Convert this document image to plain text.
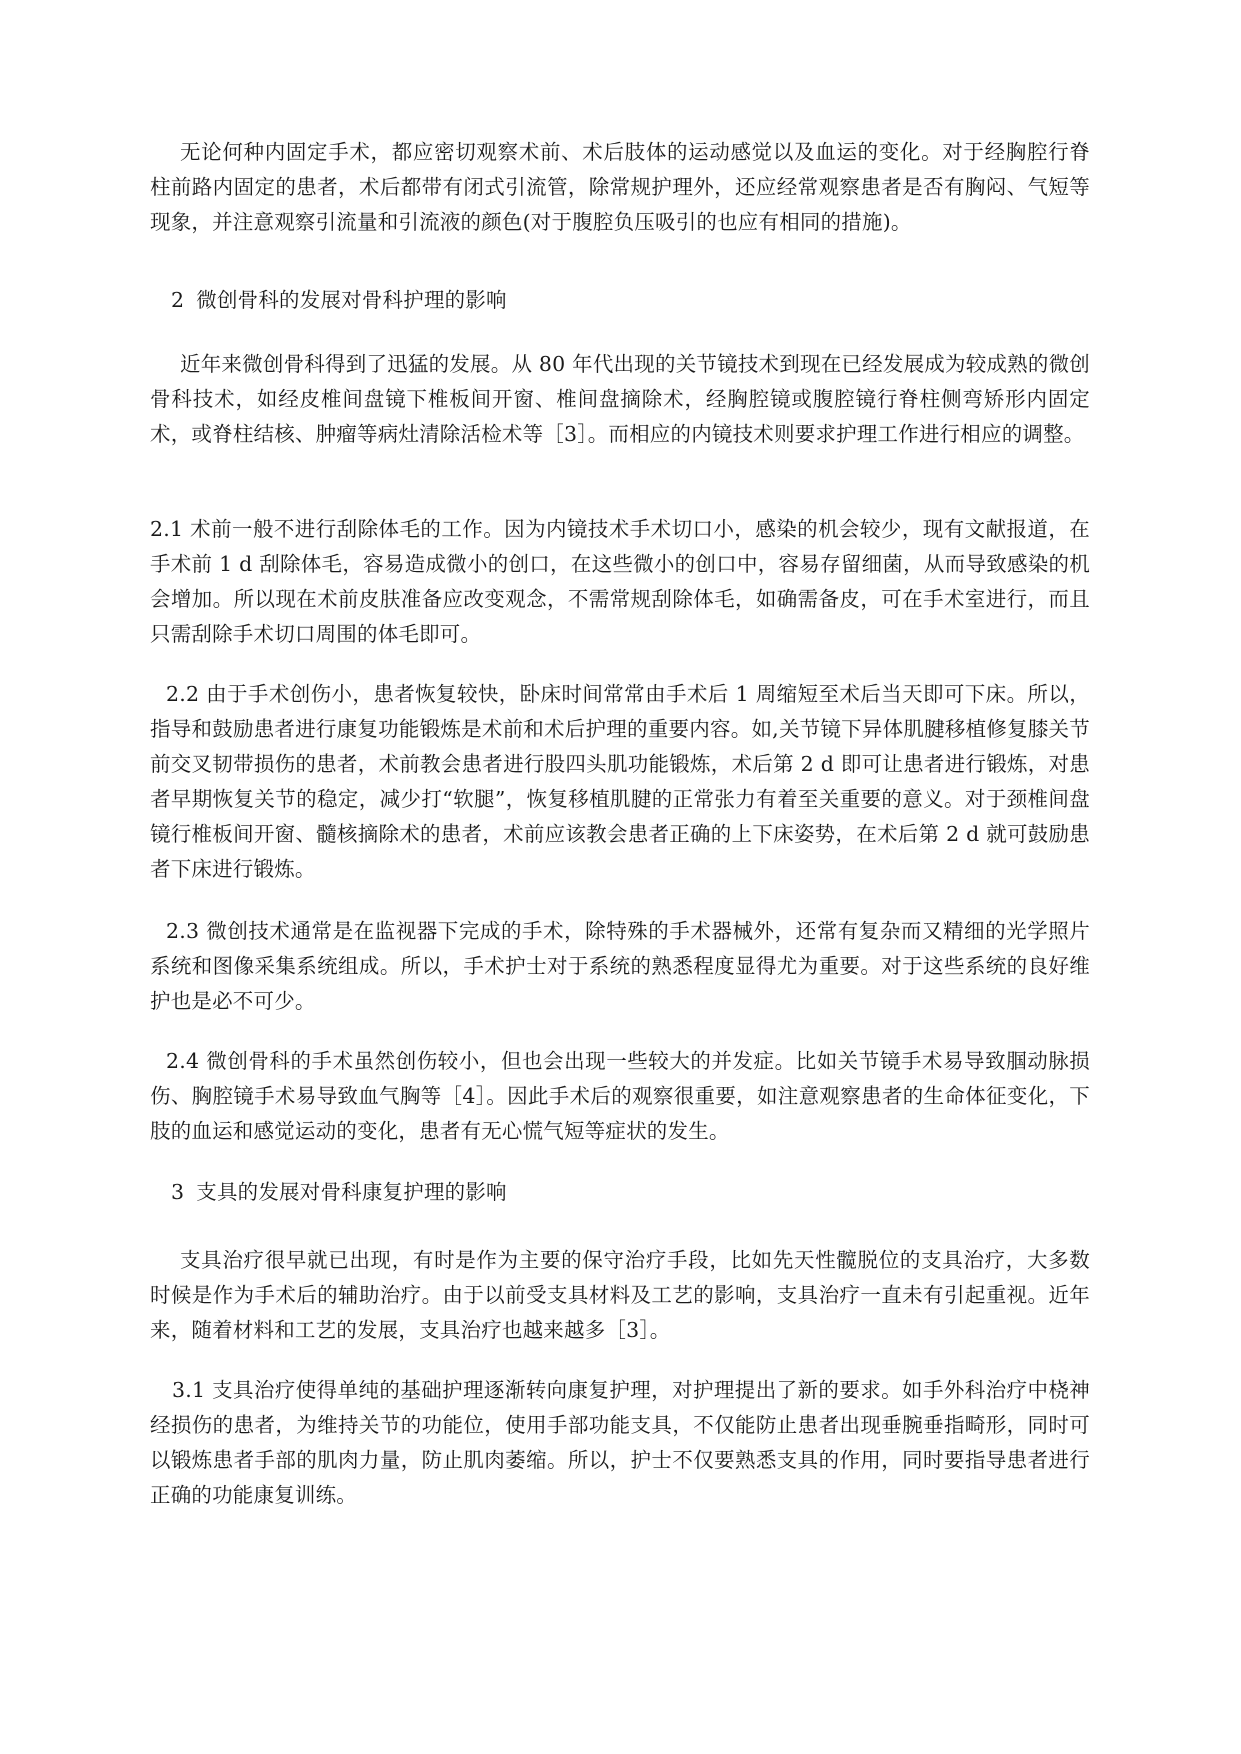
无论何种内固定手术，都应密切观察术前、术后肢体的运动感觉以及血运的变化。对于经胸腔行脊柱前路内固定的患者，术后都带有闭式引流管，除常规护理外，还应经常观察患者是否有胸闷、气短等现象，并注意观察引流量和引流液的颜色(对于腹腔负压吸引的也应有相同的措施)。

2 微创骨科的发展对骨科护理的影响

近年来微创骨科得到了迅猛的发展。从 80 年代出现的关节镜技术到现在已经发展成为较成熟的微创骨科技术，如经皮椎间盘镜下椎板间开窗、椎间盘摘除术，经胸腔镜或腹腔镜行脊柱侧弯矫形内固定术，或脊柱结核、肿瘤等病灶清除活检术等［3］。而相应的内镜技术则要求护理工作进行相应的调整。

2.1 术前一般不进行刮除体毛的工作。因为内镜技术手术切口小，感染的机会较少，现有文献报道，在手术前 1 d 刮除体毛，容易造成微小的创口，在这些微小的创口中，容易存留细菌，从而导致感染的机会增加。所以现在术前皮肤准备应改变观念，不需常规刮除体毛，如确需备皮，可在手术室进行，而且只需刮除手术切口周围的体毛即可。

2.2 由于手术创伤小，患者恢复较快，卧床时间常常由手术后 1 周缩短至术后当天即可下床。所以，指导和鼓励患者进行康复功能锻炼是术前和术后护理的重要内容。如,关节镜下异体肌腱移植修复膝关节前交叉韧带损伤的患者，术前教会患者进行股四头肌功能锻炼，术后第 2 d 即可让患者进行锻炼，对患者早期恢复关节的稳定，减少打“软腿”，恢复移植肌腱的正常张力有着至关重要的意义。对于颈椎间盘镜行椎板间开窗、髓核摘除术的患者，术前应该教会患者正确的上下床姿势，在术后第 2 d 就可鼓励患者下床进行锻炼。

2.3 微创技术通常是在监视器下完成的手术，除特殊的手术器械外，还常有复杂而又精细的光学照片系统和图像采集系统组成。所以，手术护士对于系统的熟悉程度显得尤为重要。对于这些系统的良好维护也是必不可少。

2.4 微创骨科的手术虽然创伤较小，但也会出现一些较大的并发症。比如关节镜手术易导致腘动脉损伤、胸腔镜手术易导致血气胸等［4］。因此手术后的观察很重要，如注意观察患者的生命体征变化，下肢的血运和感觉运动的变化，患者有无心慌气短等症状的发生。

3 支具的发展对骨科康复护理的影响

支具治疗很早就已出现，有时是作为主要的保守治疗手段，比如先天性髋脱位的支具治疗，大多数时候是作为手术后的辅助治疗。由于以前受支具材料及工艺的影响，支具治疗一直未有引起重视。近年来，随着材料和工艺的发展，支具治疗也越来越多［3］。

3.1 支具治疗使得单纯的基础护理逐渐转向康复护理，对护理提出了新的要求。如手外科治疗中桡神经损伤的患者，为维持关节的功能位，使用手部功能支具，不仅能防止患者出现垂腕垂指畸形，同时可以锻炼患者手部的肌肉力量，防止肌肉萎缩。所以，护士不仅要熟悉支具的作用，同时要指导患者进行正确的功能康复训练。
